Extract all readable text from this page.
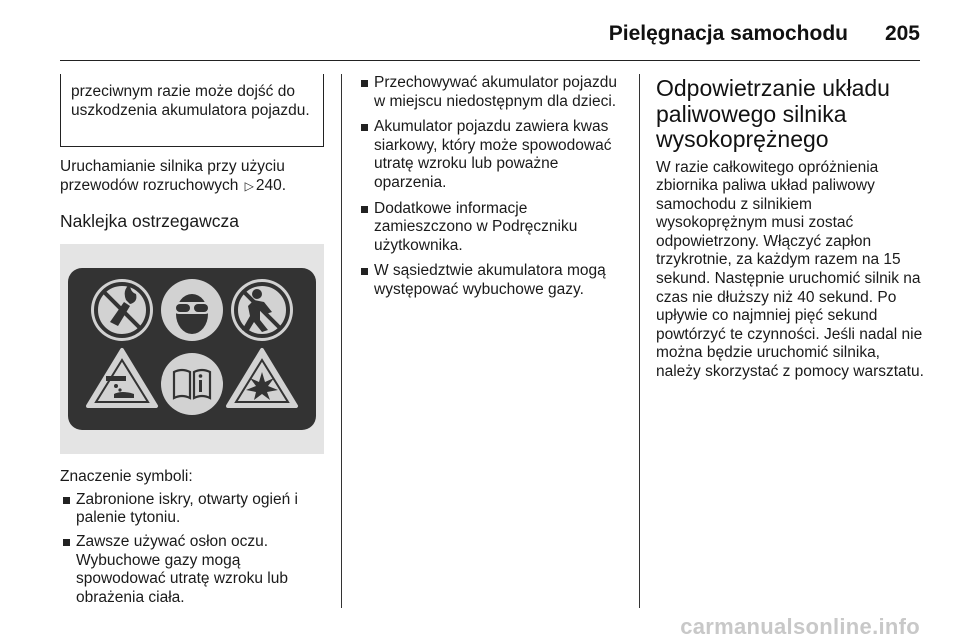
Pielęgnacja samochodu 205

przeciwnym razie może dojść do uszkodzenia akumulatora pojazdu.

Uruchamianie silnika przy użyciu przewodów rozruchowych ▷ 240.

Naklejka ostrzegawcza

Znaczenie symboli:

Zabronione iskry, otwarty ogień i palenie tytoniu.
Zawsze używać osłon oczu. Wybuchowe gazy mogą spowodować utratę wzroku lub obrażenia ciała.
Przechowywać akumulator pojazdu w miejscu niedostępnym dla dzieci.
Akumulator pojazdu zawiera kwas siarkowy, który może spowodować utratę wzroku lub poważne oparzenia.
Dodatkowe informacje zamieszczono w Podręczniku użytkownika.
W sąsiedztwie akumulatora mogą występować wybuchowe gazy.
Odpowietrzanie układu paliwowego silnika wysokoprężnego

W razie całkowitego opróżnienia zbiornika paliwa układ paliwowy samochodu z silnikiem wysokoprężnym musi zostać odpowietrzony. Włączyć zapłon trzykrotnie, za każdym razem na 15 sekund. Następnie uruchomić silnik na czas nie dłuższy niż 40 sekund. Po upływie co najmniej pięć sekund powtórzyć te czynności. Jeśli nadal nie można będzie uruchomić silnika, należy skorzystać z pomocy warsztatu.

carmanualsonline.info
